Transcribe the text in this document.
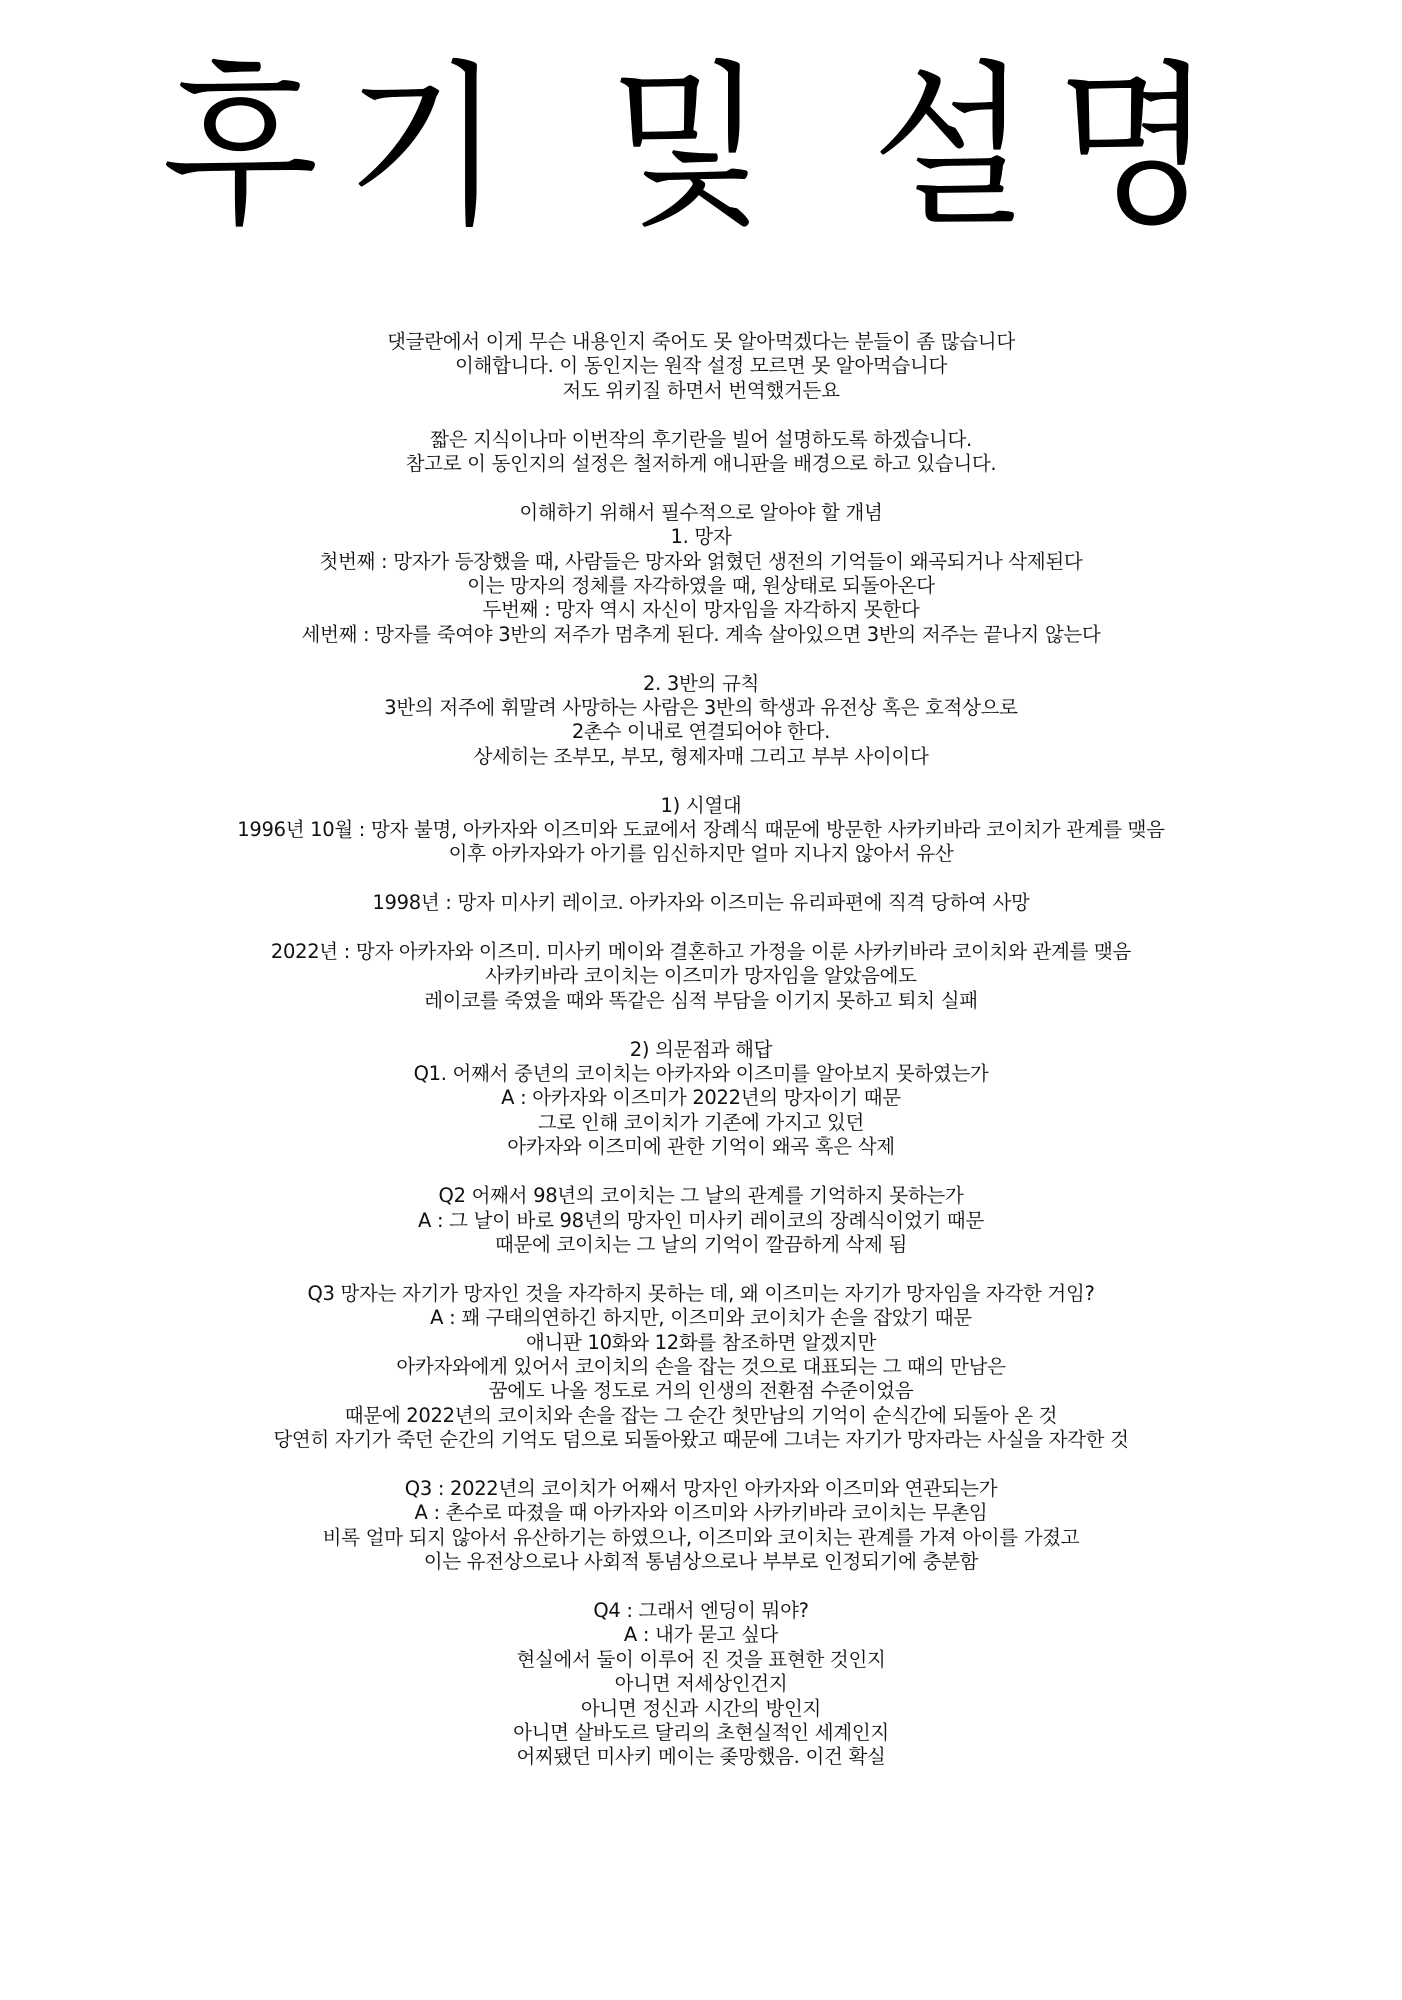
후기 및 설명
댓글란에서 이게 무슨 내용인지 죽어도 못 알아먹겠다는 분들이 좀 많습니다
이해합니다. 이 동인지는 원작 설정 모르면 못 알아먹습니다
저도 위키질 하면서 번역했거든요
짧은 지식이나마 이번작의 후기란을 빌어 설명하도록 하겠습니다.
참고로 이 동인지의 설정은 철저하게 애니판을 배경으로 하고 있습니다.
이해하기 위해서 필수적으로 알아야 할 개념
1. 망자
첫번째 : 망자가 등장했을 때, 사람들은 망자와 얽혔던 생전의 기억들이 왜곡되거나 삭제된다
이는 망자의 정체를 자각하였을 때, 원상태로 되돌아온다
두번째 : 망자 역시 자신이 망자임을 자각하지 못한다
세번째 : 망자를 죽여야 3반의 저주가 멈추게 된다. 계속 살아있으면 3반의 저주는 끝나지 않는다
2. 3반의 규칙
3반의 저주에 휘말려 사망하는 사람은 3반의 학생과 유전상 혹은 호적상으로
2촌수 이내로 연결되어야 한다.
상세히는 조부모, 부모, 형제자매 그리고 부부 사이이다
1) 시열대
1996년 10월 : 망자 불명, 아카자와 이즈미와 도쿄에서 장례식 때문에 방문한 사카키바라 코이치가 관계를 맺음
이후 아카자와가 아기를 임신하지만 얼마 지나지 않아서 유산
1998년 : 망자 미사키 레이코. 아카자와 이즈미는 유리파편에 직격 당하여 사망
2022년 : 망자 아카자와 이즈미. 미사키 메이와 결혼하고 가정을 이룬 사카키바라 코이치와 관계를 맺음
사카키바라 코이치는 이즈미가 망자임을 알았음에도
레이코를 죽였을 때와 똑같은 심적 부담을 이기지 못하고 퇴치 실패
2) 의문점과 해답
Q1. 어째서 중년의 코이치는 아카자와 이즈미를 알아보지 못하였는가
A : 아카자와 이즈미가 2022년의 망자이기 때문
그로 인해 코이치가 기존에 가지고 있던
아카자와 이즈미에 관한 기억이 왜곡 혹은 삭제
Q2 어째서 98년의 코이치는 그 날의 관계를 기억하지 못하는가
A : 그 날이 바로 98년의 망자인 미사키 레이코의 장례식이었기 때문
때문에 코이치는 그 날의 기억이 깔끔하게 삭제 됨
Q3 망자는 자기가 망자인 것을 자각하지 못하는 데, 왜 이즈미는 자기가 망자임을 자각한 거임?
A : 꽤 구태의연하긴 하지만, 이즈미와 코이치가 손을 잡았기 때문
애니판 10화와 12화를 참조하면 알겠지만
아카자와에게 있어서 코이치의 손을 잡는 것으로 대표되는 그 때의 만남은
꿈에도 나올 정도로 거의 인생의 전환점 수준이었음
때문에 2022년의 코이치와 손을 잡는 그 순간 첫만남의 기억이 순식간에 되돌아 온 것
당연히 자기가 죽던 순간의 기억도 덤으로 되돌아왔고 때문에 그녀는 자기가 망자라는 사실을 자각한 것
Q3 : 2022년의 코이치가 어째서 망자인 아카자와 이즈미와 연관되는가
A : 촌수로 따졌을 때 아카자와 이즈미와 사카키바라 코이치는 무촌임
비록 얼마 되지 않아서 유산하기는 하였으나, 이즈미와 코이치는 관계를 가져 아이를 가졌고
이는 유전상으로나 사회적 통념상으로나 부부로 인정되기에 충분함
Q4 : 그래서 엔딩이 뭐야?
A : 내가 묻고 싶다
현실에서 둘이 이루어 진 것을 표현한 것인지
아니면 저세상인건지
아니면 정신과 시간의 방인지
아니면 살바도르 달리의 초현실적인 세계인지
어찌됐던 미사키 메이는 좆망했음. 이건 확실
